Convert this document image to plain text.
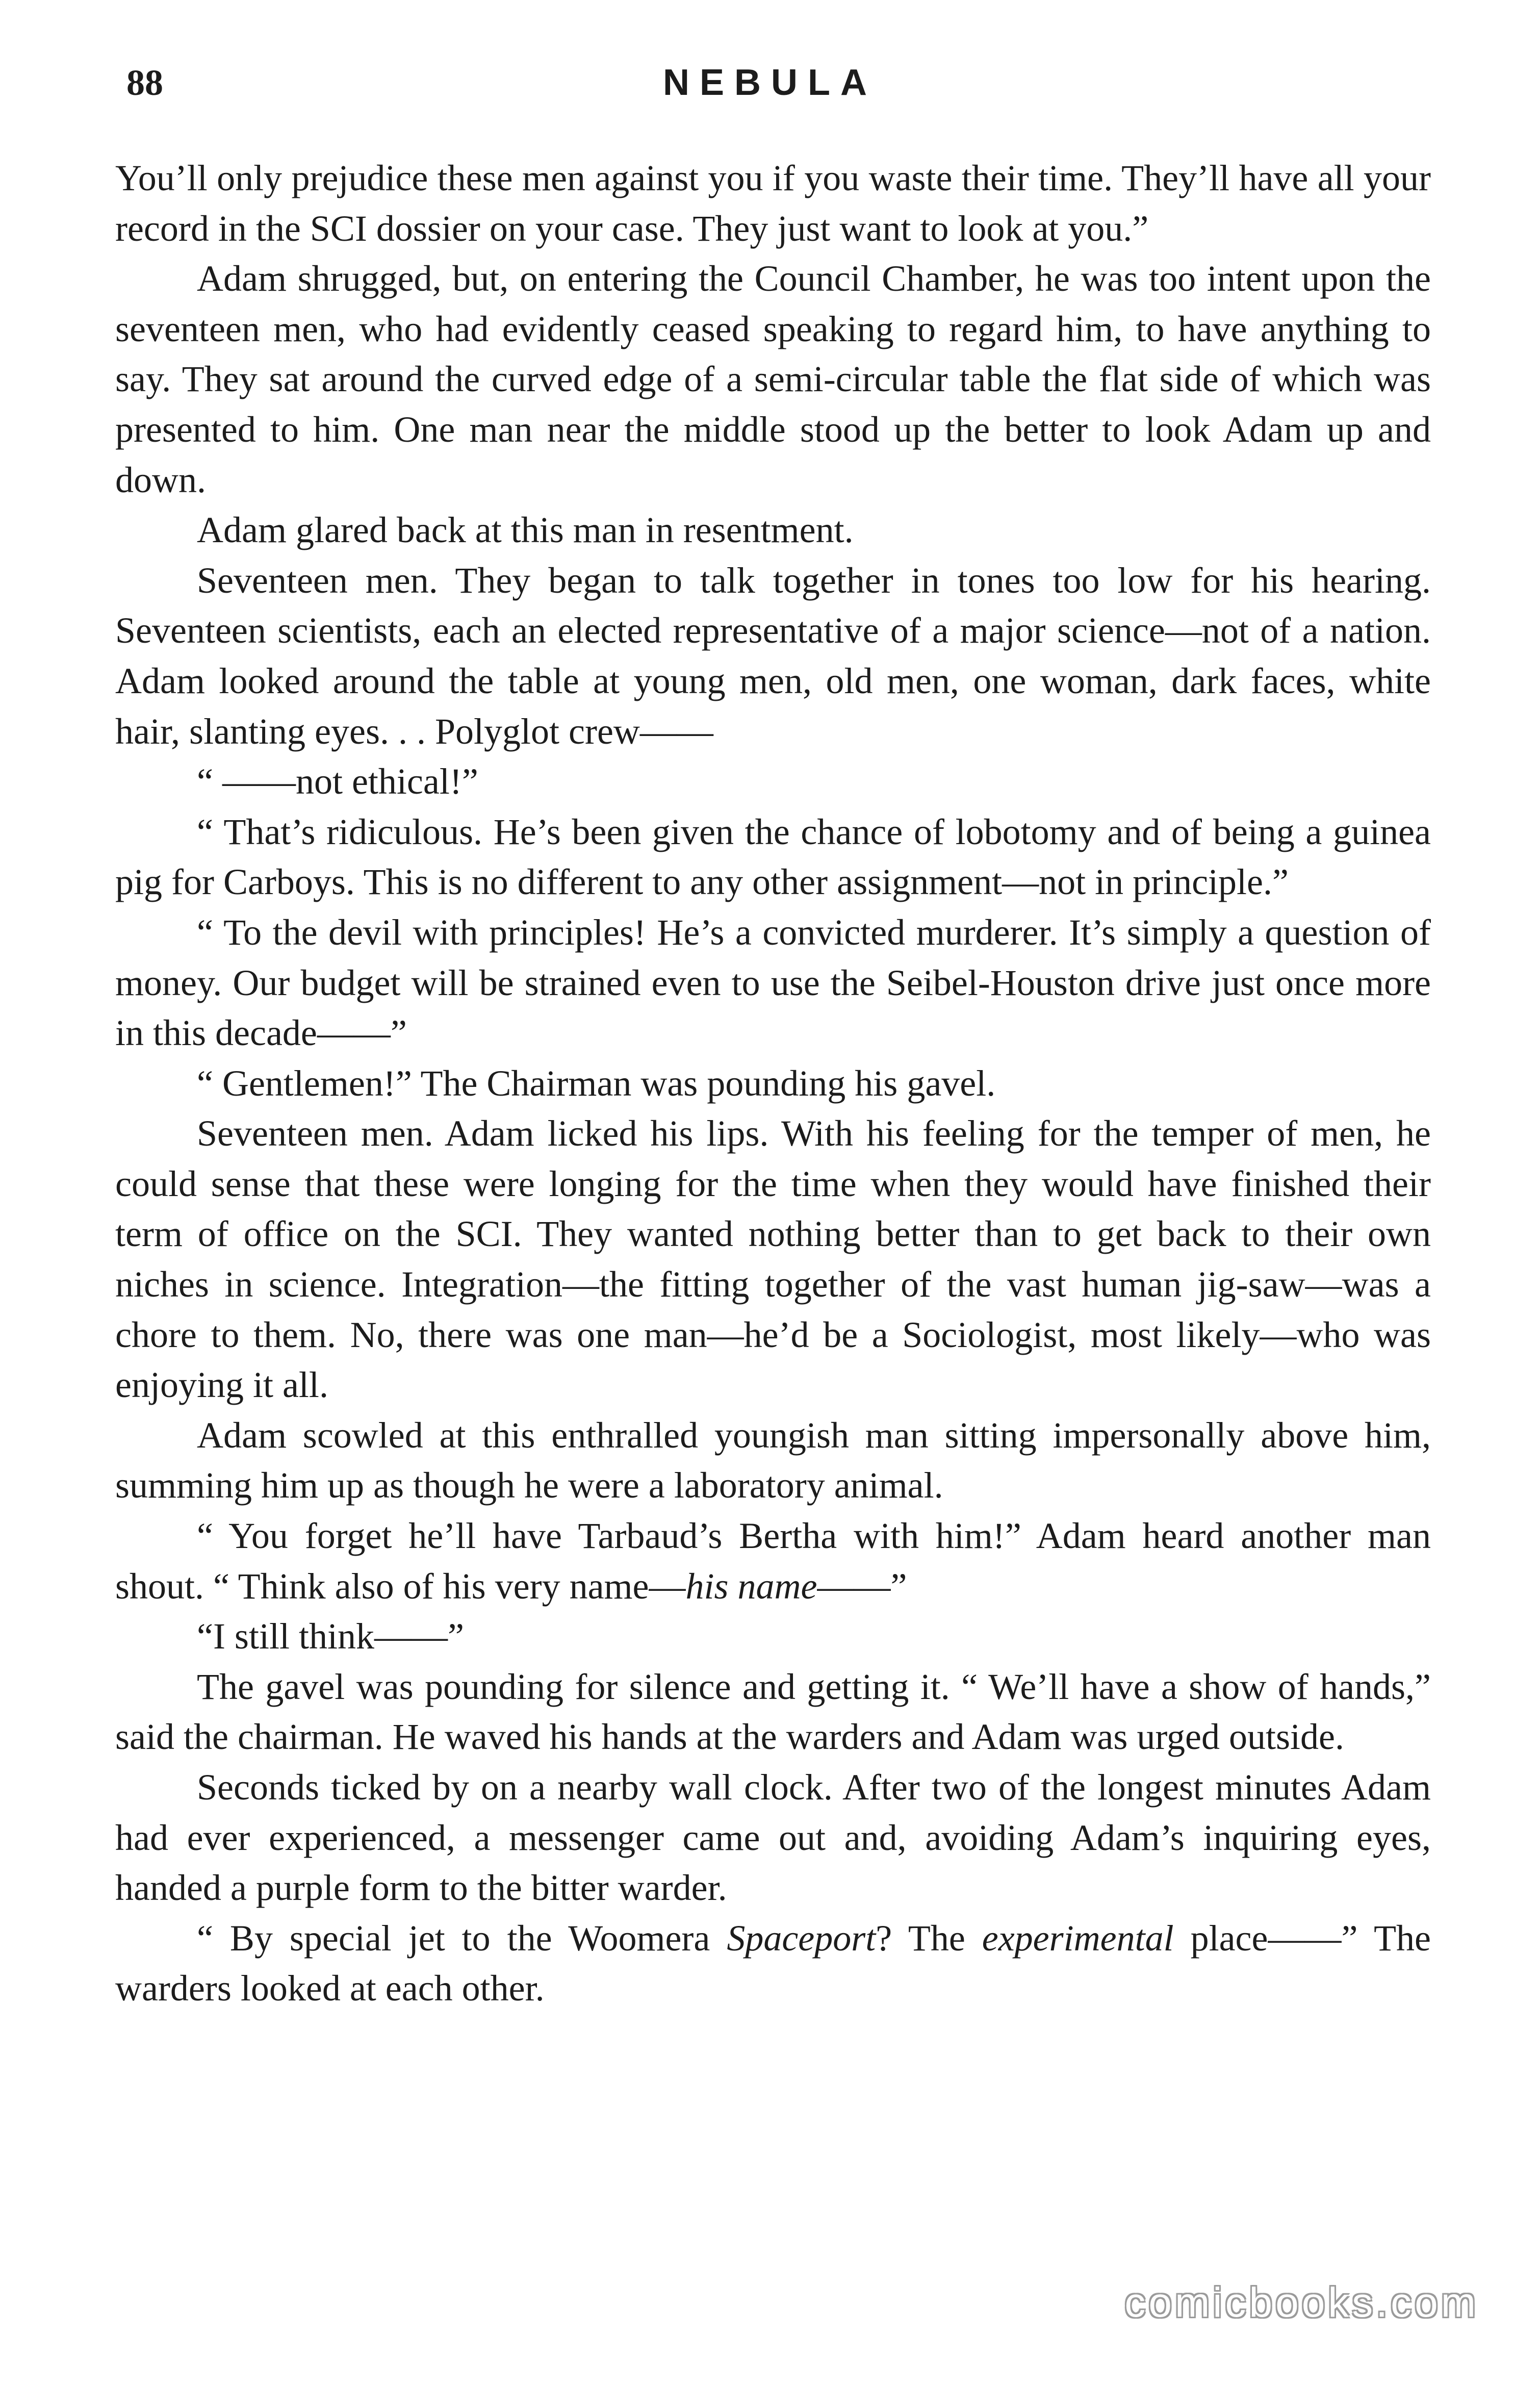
88	NEBULA

You’ll only prejudice these men against you if you waste their time. They’ll have all your record in the SCI dossier on your case. They just want to look at you.”

Adam shrugged, but, on entering the Council Chamber, he was too intent upon the seventeen men, who had evidently ceased speaking to regard him, to have anything to say. They sat around the curved edge of a semi-circular table the flat side of which was presented to him. One man near the middle stood up the better to look Adam up and down.

Adam glared back at this man in resentment.

Seventeen men. They began to talk together in tones too low for his hearing. Seventeen scientists, each an elected representative of a major science—not of a nation. Adam looked around the table at young men, old men, one woman, dark faces, white hair, slanting eyes. . . Polyglot crew——

“ ——not ethical!”

“ That’s ridiculous. He’s been given the chance of lobotomy and of being a guinea pig for Carboys. This is no different to any other assignment—not in principle.”

“ To the devil with principles! He’s a convicted murderer. It’s simply a question of money. Our budget will be strained even to use the Seibel-Houston drive just once more in this decade——”

“ Gentlemen!” The Chairman was pounding his gavel.

Seventeen men. Adam licked his lips. With his feeling for the temper of men, he could sense that these were longing for the time when they would have finished their term of office on the SCI. They wanted nothing better than to get back to their own niches in science. Integration—the fitting together of the vast human jig-saw—was a chore to them. No, there was one man—he’d be a Sociologist, most likely—who was enjoying it all.

Adam scowled at this enthralled youngish man sitting impersonally above him, summing him up as though he were a laboratory animal.

“ You forget he’ll have Tarbaud’s Bertha with him!” Adam heard another man shout. “ Think also of his very name—his name——”

“I still think——”

The gavel was pounding for silence and getting it. “ We’ll have a show of hands,” said the chairman. He waved his hands at the warders and Adam was urged outside.

Seconds ticked by on a nearby wall clock. After two of the longest minutes Adam had ever experienced, a messenger came out and, avoiding Adam’s inquiring eyes, handed a purple form to the bitter warder.

“ By special jet to the Woomera Spaceport? The experimental place——” The warders looked at each other.

comicbooks.com
